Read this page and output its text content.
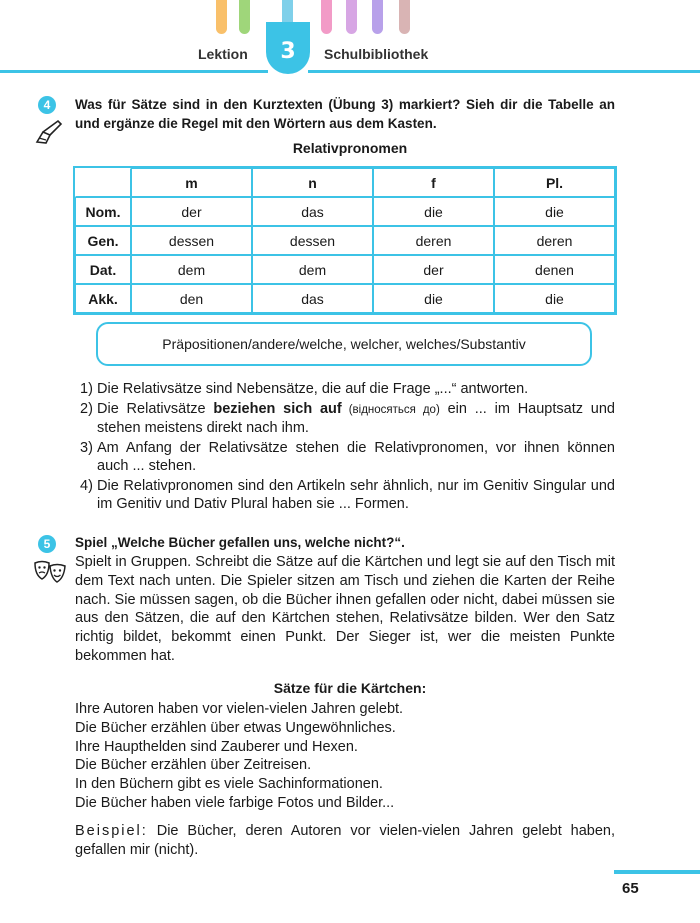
Lektion	3	Schulbibliothek
4	Was für Sätze sind in den Kurztexten (Übung 3) markiert? Sieh dir die Tabelle an und ergänze die Regel mit den Wörtern aus dem Kasten.
Relativpronomen
	m	n	f	Pl.
Nom.	der	das	die	die
Gen.	dessen	dessen	deren	deren
Dat.	dem	dem	der	denen
Akk.	den	das	die	die
Präpositionen/andere/welche, welcher, welches/Substantiv
1) Die Relativsätze sind Nebensätze, die auf die Frage „...“ antworten.
2) Die Relativsätze beziehen sich auf (відносяться до) ein ... im Hauptsatz und stehen meistens direkt nach ihm.
3) Am Anfang der Relativsätze stehen die Relativpronomen, vor ihnen können auch ... stehen.
4) Die Relativpronomen sind den Artikeln sehr ähnlich, nur im Genitiv Singular und im Genitiv und Dativ Plural haben sie ... Formen.
5	Spiel „Welche Bücher gefallen uns, welche nicht?“.
Spielt in Gruppen. Schreibt die Sätze auf die Kärtchen und legt sie auf den Tisch mit dem Text nach unten. Die Spieler sitzen am Tisch und ziehen die Karten der Reihe nach. Sie müssen sagen, ob die Bücher ihnen gefallen oder nicht, dabei müssen sie aus den Sätzen, die auf den Kärtchen stehen, Relativsätze bilden. Wer den Satz richtig bildet, bekommt einen Punkt. Der Sieger ist, wer die meisten Punkte bekommen hat.
Sätze für die Kärtchen:
Ihre Autoren haben vor vielen-vielen Jahren gelebt.
Die Bücher erzählen über etwas Ungewöhnliches.
Ihre Haupthelden sind Zauberer und Hexen.
Die Bücher erzählen über Zeitreisen.
In den Büchern gibt es viele Sachinformationen.
Die Bücher haben viele farbige Fotos und Bilder...
Beispiel: Die Bücher, deren Autoren vor vielen-vielen Jahren gelebt haben, gefallen mir (nicht).
65
